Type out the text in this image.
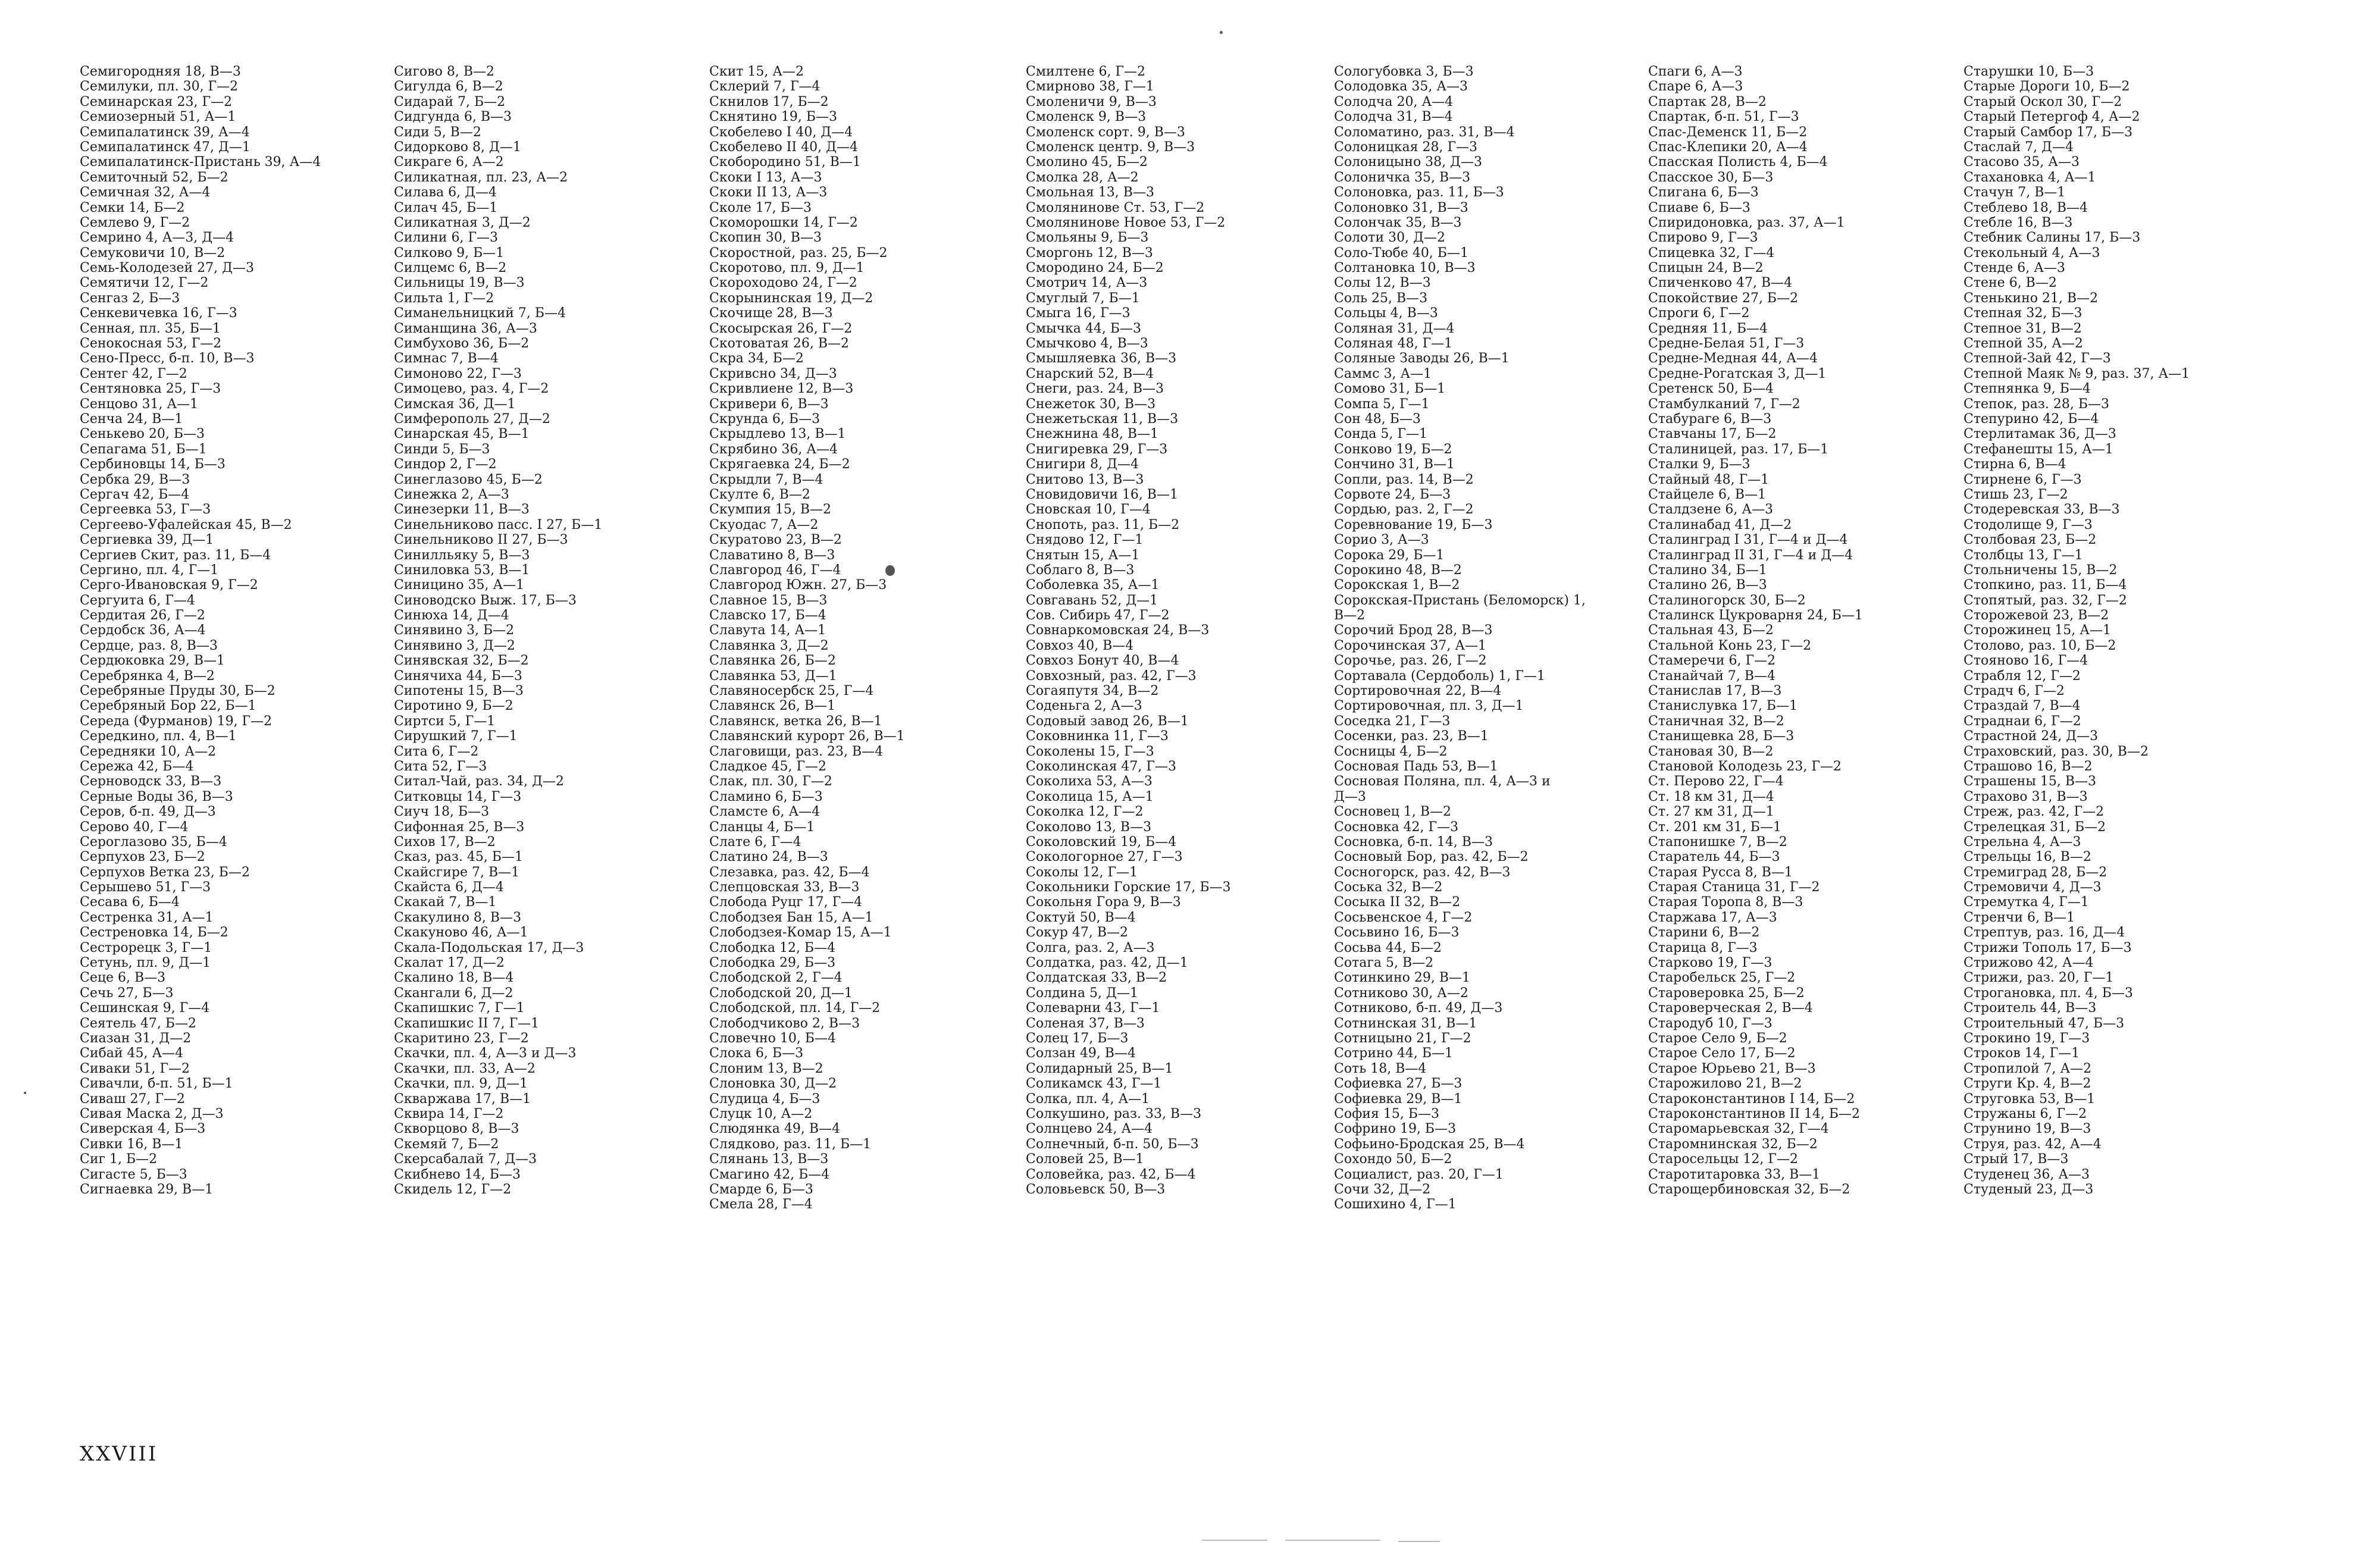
Семигородняя 18, В—3
Семилуки, пл. 30, Г—2
Семинарская 23, Г—2
Семиозерный 51, А—1
Семипалатинск 39, А—4
Семипалатинск 47, Д—1
Семипалатинск-Пристань 39, А—4
Семиточный 52, Б—2
Семичная 32, А—4
Семки 14, Б—2
Семлево 9, Г—2
Семрино 4, А—3, Д—4
Семуковичи 10, В—2
Семь-Колодезей 27, Д—3
Семятичи 12, Г—2
Сенгаз 2, Б—3
Сенкевичевка 16, Г—3
Сенная, пл. 35, Б—1
Сенокосная 53, Г—2
Сено-Пресс, б-п. 10, В—3
Сентег 42, Г—2
Сентяновка 25, Г—3
Сенцово 31, А—1
Сенча 24, В—1
Сенькево 20, Б—3
Сепагама 51, Б—1
Сербиновцы 14, Б—3
Сербка 29, В—3
Сергач 42, Б—4
Сергеевка 53, Г—3
Сергеево-Уфалейская 45, В—2
Сергиевка 39, Д—1
Сергиев Скит, раз. 11, Б—4
Сергино, пл. 4, Г—1
Серго-Ивановская 9, Г—2
Сергуита 6, Г—4
Сердитая 26, Г—2
Сердобск 36, А—4
Сердце, раз. 8, В—3
Сердюковка 29, В—1
Серебрянка 4, В—2
Серебряные Пруды 30, Б—2
Серебряный Бор 22, Б—1
Середа (Фурманов) 19, Г—2
Середкино, пл. 4, В—1
Середняки 10, А—2
Сережа 42, Б—4
Серноводск 33, В—3
Серные Воды 36, В—3
Серов, б-п. 49, Д—3
Серово 40, Г—4
Сероглазово 35, Б—4
Серпухов 23, Б—2
Серпухов Ветка 23, Б—2
Серышево 51, Г—3
Сесава 6, Б—4
Сестренка 31, А—1
Сестреновка 14, Б—2
Сестрорецк 3, Г—1
Сетунь, пл. 9, Д—1
Сеце 6, В—3
Сечь 27, Б—3
Сешинская 9, Г—4
Сеятель 47, Б—2
Сиазан 31, Д—2
Сибай 45, А—4
Сиваки 51, Г—2
Сивачли, б-п. 51, Б—1
Сиваш 27, Г—2
Сивая Маска 2, Д—3
Сиверская 4, Б—3
Сивки 16, В—1
Сиг 1, Б—2
Сигасте 5, Б—3
Сигнаевка 29, В—1
Сигово 8, В—2
Сигулда 6, В—2
Сидарай 7, Б—2
Сидгунда 6, В—3
Сиди 5, В—2
Сидорково 8, Д—1
Сикраге 6, А—2
Силикатная, пл. 23, А—2
Силава 6, Д—4
Силач 45, Б—1
Силикатная 3, Д—2
Силини 6, Г—3
Силково 9, Б—1
Силцемс 6, В—2
Сильницы 19, В—3
Сильта 1, Г—2
Симанельницкий 7, Б—4
Симанщина 36, А—3
Симбухово 36, Б—2
Симнас 7, В—4
Симоново 22, Г—3
Симоцево, раз. 4, Г—2
Симская 36, Д—1
Симферополь 27, Д—2
Синарская 45, В—1
Синди 5, Б—3
Синдор 2, Г—2
Синеглазово 45, Б—2
Синежка 2, А—3
Синезерки 11, В—3
Синельниково пасс. I 27, Б—1
Синельниково II 27, Б—3
Синилльяку 5, В—3
Синиловка 53, В—1
Синицино 35, А—1
Синоводско Выж. 17, Б—3
Синюха 14, Д—4
Синявино 3, Б—2
Синявино 3, Д—2
Синявская 32, Б—2
Синячиха 44, Б—3
Сипотены 15, В—3
Сиротино 9, Б—2
Сиртси 5, Г—1
Сирушкий 7, Г—1
Сита 6, Г—2
Сита 52, Г—3
Ситал-Чай, раз. 34, Д—2
Ситковцы 14, Г—3
Сиуч 18, Б—3
Сифонная 25, В—3
Сихов 17, В—2
Сказ, раз. 45, Б—1
Скайсгире 7, В—1
Скайста 6, Д—4
Скакай 7, В—1
Скакулино 8, В—3
Скакуново 46, А—1
Скала-Подольская 17, Д—3
Скалат 17, Д—2
Скалино 18, В—4
Скангали 6, Д—2
Скапишкис 7, Г—1
Скапишкис II 7, Г—1
Скаритино 23, Г—2
Скачки, пл. 4, А—3 и Д—3
Скачки, пл. 33, А—2
Скачки, пл. 9, Д—1
Скваржава 17, В—1
Сквира 14, Г—2
Скворцово 8, В—3
Скемяй 7, Б—2
Скерсабалай 7, Д—3
Скибнево 14, Б—3
Скидель 12, Г—2
Скит 15, А—2
Склерий 7, Г—4
Скнилов 17, Б—2
Скнятино 19, Б—3
Скобелево I 40, Д—4
Скобелево II 40, Д—4
Скобородино 51, В—1
Скоки I 13, А—3
Скоки II 13, А—3
Сколе 17, Б—3
Скоморошки 14, Г—2
Скопин 30, В—3
Скоростной, раз. 25, Б—2
Скоротово, пл. 9, Д—1
Скороходово 24, Г—2
Скорынинская 19, Д—2
Скочище 28, В—3
Скосырская 26, Г—2
Скотоватая 26, В—2
Скра 34, Б—2
Скривсно 34, Д—3
Скривлиене 12, В—3
Скривери 6, В—3
Скрунда 6, Б—3
Скрыдлево 13, В—1
Скрябино 36, А—4
Скрягаевка 24, Б—2
Скрыдли 7, В—4
Скулте 6, В—2
Скумпия 15, В—2
Скуодас 7, А—2
Скуратово 23, В—2
Славатино 8, В—3
Славгород 46, Г—4
Славгород Южн. 27, Б—3
Славное 15, В—3
Славско 17, Б—4
Славута 14, А—1
Славянка 3, Д—2
Славянка 26, Б—2
Славянка 53, Д—1
Славяносербск 25, Г—4
Славянск 26, В—1
Славянск, ветка 26, В—1
Славянский курорт 26, В—1
Слаговищи, раз. 23, В—4
Сладкое 45, Г—2
Слак, пл. 30, Г—2
Сламино 6, Б—3
Сламсте 6, А—4
Сланцы 4, Б—1
Слате 6, Г—4
Слатино 24, В—3
Слезавка, раз. 42, Б—4
Слепцовская 33, В—3
Слобода Руцг 17, Г—4
Слободзея Бан 15, А—1
Слободзея-Комар 15, А—1
Слободка 12, Б—4
Слободка 29, Б—3
Слободской 2, Г—4
Слободской 20, Д—1
Слободской, пл. 14, Г—2
Слободчиково 2, В—3
Словечно 10, Б—4
Слока 6, Б—3
Слоним 13, В—2
Слоновка 30, Д—2
Слудица 4, Б—3
Слуцк 10, А—2
Слюдянка 49, В—4
Слядково, раз. 11, Б—1
Слянань 13, В—3
Смагино 42, Б—4
Смарде 6, Б—3
Смела 28, Г—4
Смилтене 6, Г—2
Смирново 38, Г—1
Смоленичи 9, В—3
Смоленск 9, В—3
Смоленск сорт. 9, В—3
Смоленск центр. 9, В—3
Смолино 45, Б—2
Смолка 28, А—2
Смольная 13, В—3
Смолянинове Ст. 53, Г—2
Смолянинове Новое 53, Г—2
Смольяны 9, Б—3
Сморгонь 12, В—3
Смородино 24, Б—2
Смотрич 14, А—3
Смуглый 7, Б—1
Смыга 16, Г—3
Смычка 44, Б—3
Смычково 4, В—3
Смышляевка 36, В—3
Снарский 52, В—4
Снеги, раз. 24, В—3
Снежеток 30, В—3
Снежетьская 11, В—3
Снежнина 48, В—1
Снигиревка 29, Г—3
Снигири 8, Д—4
Снитово 13, В—3
Сновидовичи 16, В—1
Сновская 10, Г—4
Снопоть, раз. 11, Б—2
Снядово 12, Г—1
Снятын 15, А—1
Соблаго 8, В—3
Соболевка 35, А—1
Совгавань 52, Д—1
Сов. Сибирь 47, Г—2
Совнаркомовская 24, В—3
Совхоз 40, В—4
Совхоз Бонут 40, В—4
Совхозный, раз. 42, Г—3
Согаяпутя 34, В—2
Соденьга 2, А—3
Содовый завод 26, В—1
Соковнинка 11, Г—3
Соколены 15, Г—3
Соколинская 47, Г—3
Соколиха 53, А—3
Соколица 15, А—1
Соколка 12, Г—2
Соколово 13, В—3
Соколовский 19, Б—4
Сокологорное 27, Г—3
Соколы 12, Г—1
Сокольники Горские 17, Б—3
Сокольня Гора 9, В—3
Соктуй 50, В—4
Сокур 47, В—2
Солга, раз. 2, А—3
Солдатка, раз. 42, Д—1
Солдатская 33, В—2
Солдина 5, Д—1
Солеварни 43, Г—1
Соленая 37, В—3
Солец 17, Б—3
Солзан 49, В—4
Солидарный 25, В—1
Соликамск 43, Г—1
Солка, пл. 4, А—1
Солкушино, раз. 33, В—3
Солнцево 24, А—4
Солнечный, б-п. 50, Б—3
Соловей 25, В—1
Соловейка, раз. 42, Б—4
Соловьевск 50, В—3
Сологубовка 3, Б—3
Солодовка 35, А—3
Солодча 20, А—4
Солодча 31, В—4
Соломатино, раз. 31, В—4
Солоницкая 28, Г—3
Солоницыно 38, Д—3
Солоничка 35, В—3
Солоновка, раз. 11, Б—3
Солоновко 31, В—3
Солончак 35, В—3
Солоти 30, Д—2
Соло-Тюбе 40, Б—1
Солтановка 10, В—3
Солы 12, В—3
Соль 25, В—3
Сольцы 4, В—3
Соляная 31, Д—4
Соляная 48, Г—1
Соляные Заводы 26, В—1
Саммс 3, А—1
Сомово 31, Б—1
Сомпа 5, Г—1
Сон 48, Б—3
Сонда 5, Г—1
Сонково 19, Б—2
Сончино 31, В—1
Сопли, раз. 14, В—2
Сорвоте 24, Б—3
Сордью, раз. 2, Г—2
Соревнование 19, Б—3
Сорио 3, А—3
Сорока 29, Б—1
Сорокино 48, В—2
Сорокская 1, В—2
Сорокская-Пристань (Беломорск) 1,
В—2
Сорочий Брод 28, В—3
Сорочинская 37, А—1
Сорочье, раз. 26, Г—2
Сортавала (Сердоболь) 1, Г—1
Сортировочная 22, В—4
Сортировочная, пл. 3, Д—1
Соседка 21, Г—3
Сосенки, раз. 23, В—1
Сосницы 4, Б—2
Сосновая Падь 53, В—1
Сосновая Поляна, пл. 4, А—3 и
Д—3
Сосновец 1, В—2
Сосновка 42, Г—3
Сосновка, б-п. 14, В—3
Сосновый Бор, раз. 42, Б—2
Сосногорск, раз. 42, В—3
Соська 32, В—2
Сосыка II 32, В—2
Сосьвенское 4, Г—2
Сосьвино 16, Б—3
Сосьва 44, Б—2
Сотага 5, В—2
Сотинкино 29, В—1
Сотниково 30, А—2
Сотниково, б-п. 49, Д—3
Сотнинская 31, В—1
Сотницыно 21, Г—2
Сотрино 44, Б—1
Соть 18, В—4
Софиевка 27, Б—3
Софиевка 29, В—1
София 15, Б—3
Софрино 19, Б—3
Софьино-Бродская 25, В—4
Сохондо 50, Б—2
Социалист, раз. 20, Г—1
Сочи 32, Д—2
Сошихино 4, Г—1
Спаги 6, А—3
Спаре 6, А—3
Спартак 28, В—2
Спартак, б-п. 51, Г—3
Спас-Деменск 11, Б—2
Спас-Клепики 20, А—4
Спасская Полисть 4, Б—4
Спасское 30, Б—3
Спигана 6, Б—3
Спиаве 6, Б—3
Спиридоновка, раз. 37, А—1
Спирово 9, Г—3
Спицевка 32, Г—4
Спицын 24, В—2
Спиченково 47, В—4
Спокойствие 27, Б—2
Спроги 6, Г—2
Средняя 11, Б—4
Средне-Белая 51, Г—3
Средне-Медная 44, А—4
Средне-Рогатская 3, Д—1
Сретенск 50, Б—4
Стамбулканий 7, Г—2
Стабураге 6, В—3
Ставчаны 17, Б—2
Сталиницей, раз. 17, Б—1
Сталки 9, Б—3
Стайный 48, Г—1
Стайцеле 6, В—1
Сталдзене 6, А—3
Сталинабад 41, Д—2
Сталинград I 31, Г—4 и Д—4
Сталинград II 31, Г—4 и Д—4
Сталино 34, Б—1
Сталино 26, В—3
Сталиногорск 30, Б—2
Сталинск Цукроварня 24, Б—1
Стальная 43, Б—2
Стальной Конь 23, Г—2
Стамеречи 6, Г—2
Станайчай 7, В—4
Станислав 17, В—3
Станислувка 17, Б—1
Станичная 32, В—2
Станищевка 28, Б—3
Становая 30, В—2
Становой Колодезь 23, Г—2
Ст. Перово 22, Г—4
Ст. 18 км 31, Д—4
Ст. 27 км 31, Д—1
Ст. 201 км 31, Б—1
Стапонишке 7, В—2
Старатель 44, Б—3
Старая Русса 8, В—1
Старая Станица 31, Г—2
Старая Торопа 8, В—3
Старжава 17, А—3
Старини 6, В—2
Старица 8, Г—3
Старково 19, Г—3
Старобельск 25, Г—2
Староверовка 25, Б—2
Староверческая 2, В—4
Стародуб 10, Г—3
Старое Село 9, Б—2
Старое Село 17, Б—2
Старое Юрьево 21, В—3
Старожилово 21, В—2
Староконстантинов I 14, Б—2
Староконстантинов II 14, Б—2
Старомарьевская 32, Г—4
Старомнинская 32, Б—2
Старосельцы 12, Г—2
Старотитаровка 33, В—1
Старощербиновская 32, Б—2
Старушки 10, Б—3
Старые Дороги 10, Б—2
Старый Оскол 30, Г—2
Старый Петергоф 4, А—2
Старый Самбор 17, Б—3
Стаслай 7, Д—4
Стасово 35, А—3
Стахановка 4, А—1
Стачун 7, В—1
Стеблево 18, В—4
Стебле 16, В—3
Стебник Салины 17, Б—3
Стекольный 4, А—3
Стенде 6, А—3
Стене 6, В—2
Стенькино 21, В—2
Степная 32, Б—3
Степное 31, В—2
Степной 35, А—2
Степной-Зай 42, Г—3
Степной Маяк № 9, раз. 37, А—1
Степнянка 9, Б—4
Степок, раз. 28, Б—3
Степурино 42, Б—4
Стерлитамак 36, Д—3
Стефанешты 15, А—1
Стирна 6, В—4
Стирнене 6, Г—3
Стишь 23, Г—2
Стодеревская 33, В—3
Стодолище 9, Г—3
Столбовая 23, Б—2
Столбцы 13, Г—1
Стольничены 15, В—2
Стопкино, раз. 11, Б—4
Стопятый, раз. 32, Г—2
Сторожевой 23, В—2
Сторожинец 15, А—1
Столово, раз. 10, Б—2
Стояново 16, Г—4
Страбля 12, Г—2
Страдч 6, Г—2
Страздай 7, В—4
Страднаи 6, Г—2
Страстной 24, Д—3
Страховский, раз. 30, В—2
Страшово 16, В—2
Страшены 15, В—3
Страхово 31, В—3
Стреж, раз. 42, Г—2
Стрелецкая 31, Б—2
Стрельна 4, А—3
Стрельцы 16, В—2
Стремиград 28, Б—2
Стремовичи 4, Д—3
Стремутка 4, Г—1
Стренчи 6, В—1
Стрептув, раз. 16, Д—4
Стрижи Тополь 17, Б—3
Стрижово 42, А—4
Стрижи, раз. 20, Г—1
Строгановка, пл. 4, Б—3
Строитель 44, В—3
Строительный 47, Б—3
Строкино 19, Г—3
Строков 14, Г—1
Стропилой 7, А—2
Струги Кр. 4, В—2
Струговка 53, В—1
Стружаны 6, Г—2
Струнино 19, В—3
Струя, раз. 42, А—4
Стрый 17, В—3
Студенец 36, А—3
Студеный 23, Д—3
XXVIII
